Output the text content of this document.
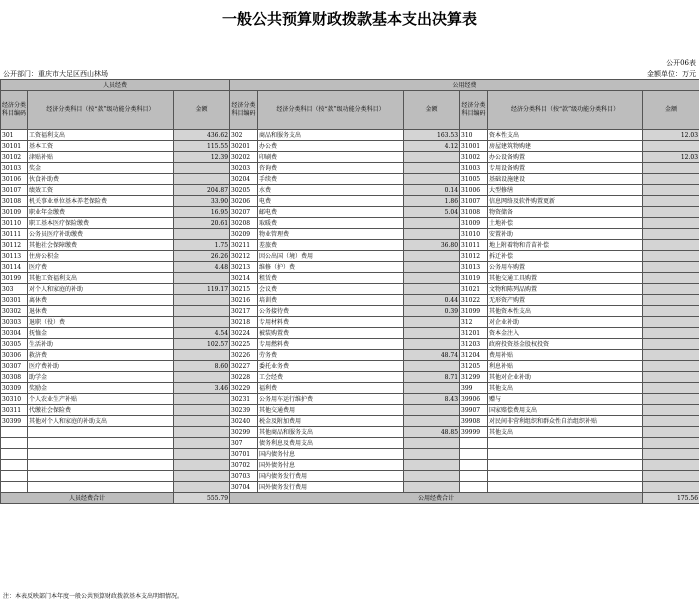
一般公共预算财政拨款基本支出决算表
公开06表
公开部门：重庆市大足区西山林场	金额单位：万元
人员经费			公用经费					
经济分类科目编码	经济分类科目（按“款”级功能分类科目）	金额	经济分类科目编码	经济分类科目（按“款”级功能分类科目）	金额	经济分类科目编码	经济分类科目（按“款”级功能分类科目）	金额
301	工资福利支出	436.62	302	商品和服务支出	163.53	310	资本性支出	12.03
30101	基本工资	115.55	30201	办公费	4.12	31001	房屋建筑物购建	
30102	津贴补贴	12.39	30202	印刷费		31002	办公设备购置	12.03
30103	奖金		30203	咨询费		31003	专用设备购置	
30106	伙食补助费		30204	手续费		31005	基础设施建设	
30107	绩效工资	204.87	30205	水费	0.14	31006	大型修缮	
30108	机关事业单位基本养老保险费	33.90	30206	电费	1.86	31007	信息网络及软件购置更新	
30109	职业年金缴费	16.95	30207	邮电费	5.04	31008	物资储备	
30110	职工基本医疗保险缴费	20.61	30208	取暖费		31009	土地补偿	
30111	公务员医疗补助缴费		30209	物业管理费		31010	安置补助	
30112	其他社会保障缴费	1.75	30211	差旅费	36.80	31011	地上附着物和青苗补偿	
30113	住房公积金	26.26	30212	因公出国（境）费用		31012	拆迁补偿	
30114	医疗费	4.48	30213	维修（护）费		31013	公务用车购置	
30199	其他工资福利支出		30214	租赁费		31019	其他交通工具购置	
303	对个人和家庭的补助	119.17	30215	会议费		31021	文物和陈列品购置	
30301	离休费		30216	培训费	0.44	31022	无形资产购置	
30302	退休费		30217	公务接待费	0.39	31099	其他资本性支出	
30303	退职（役）费		30218	专用材料费		312	对企业补助	
30304	抚恤金	4.54	30224	被装购置费		31201	资本金注入	
30305	生活补助	102.57	30225	专用燃料费		31203	政府投资基金股权投资	
30306	救济费		30226	劳务费	48.74	31204	费用补贴	
30307	医疗费补助	8.60	30227	委托业务费		31205	利息补贴	
30308	助学金		30228	工会经费	8.71	31299	其他对企业补助	
30309	奖励金	3.46	30229	福利费		399	其他支出	
30310	个人农业生产补贴		30231	公务用车运行维护费	8.43	39906	赠与	
30311	代缴社会保险费		30239	其他交通费用		39907	国家赔偿费用支出	
30399	其他对个人和家庭的补助支出		30240	税金及附加费用		39908	对民间非营利组织和群众性自治组织补贴	
			30299	其他商品和服务支出	48.85	39999	其他支出	
			307	债务利息及费用支出				
			30701	国内债务付息				
			30702	国外债务付息				
			30703	国内债务发行费用				
			30704	国外债务发行费用				
人员经费合计		555.79	公用经费合计					175.56
注：本表反映部门本年度一般公共预算财政拨款基本支出明细情况。
